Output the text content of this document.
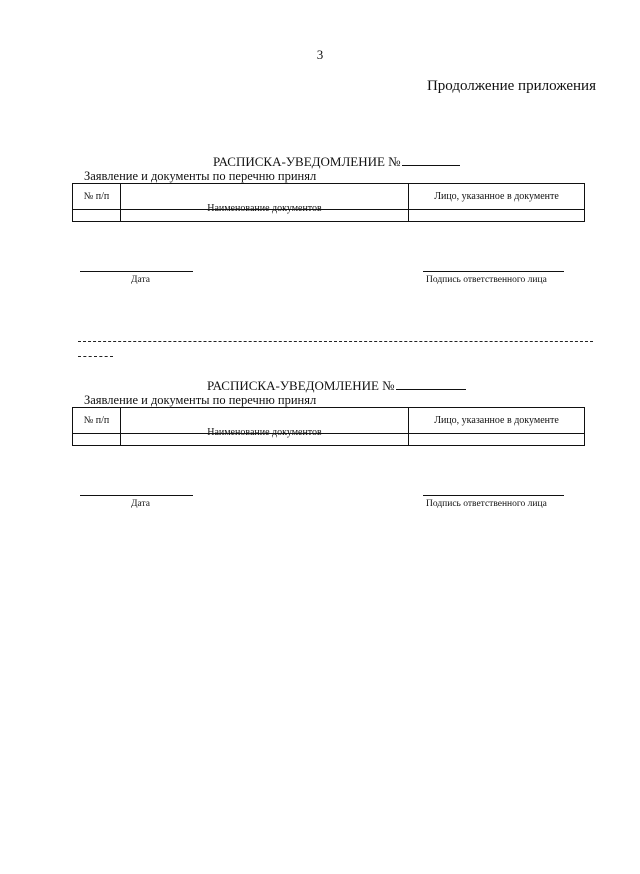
3
Продолжение приложения
РАСПИСКА-УВЕДОМЛЕНИЕ №
Заявление и документы по перечню принял
№ п/п	Наименование документов	Лицо, указанное в документе

Дата	Подпись ответственного лица
РАСПИСКА-УВЕДОМЛЕНИЕ №
Заявление и документы по перечню принял
№ п/п	Наименование документов	Лицо, указанное в документе

Дата	Подпись ответственного лица
